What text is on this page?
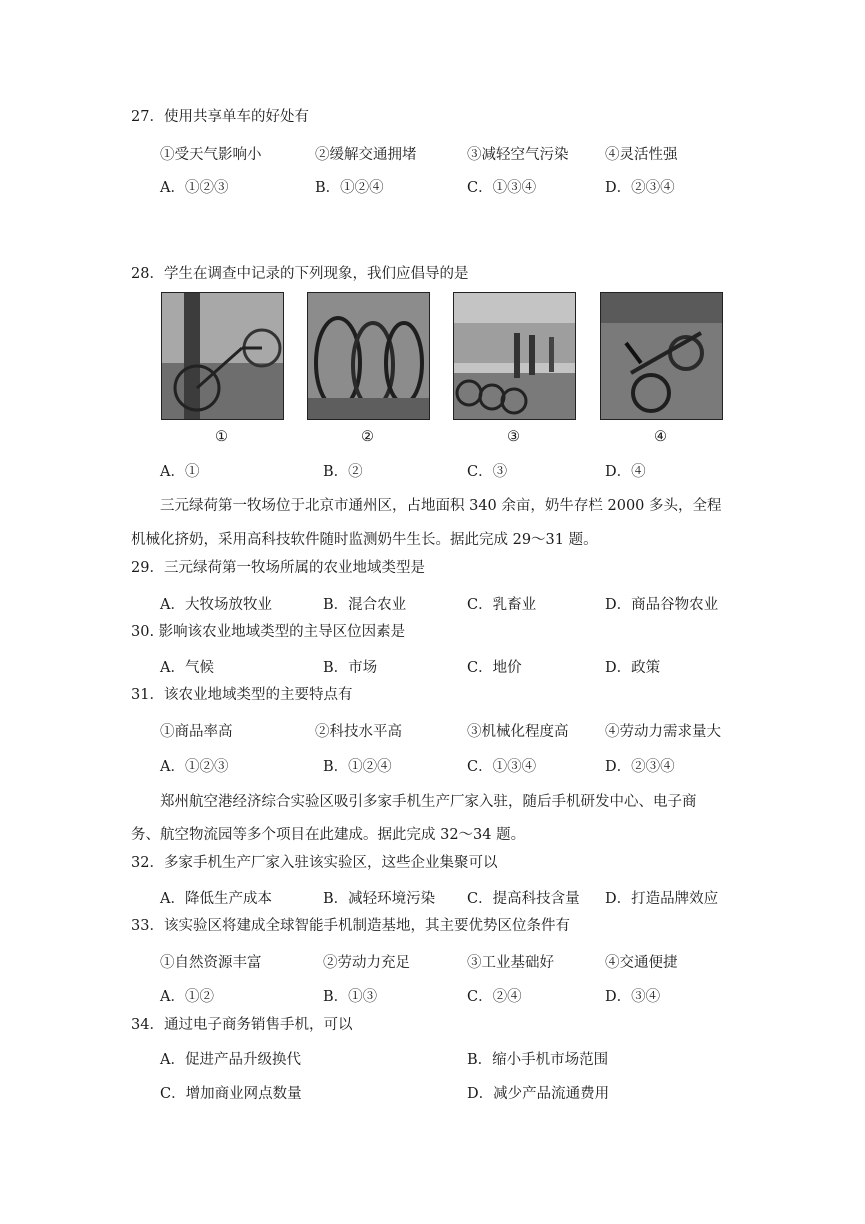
27．使用共享单车的好处有
①受天气影响小	②缓解交通拥堵	③减轻空气污染	④灵活性强
A．①②③	B．①②④	C．①③④	D．②③④
28．学生在调查中记录的下列现象，我们应倡导的是
①	②	③	④
A．①	B．②	C．③	D．④
三元绿荷第一牧场位于北京市通州区，占地面积 340 余亩，奶牛存栏 2000 多头，全程
机械化挤奶，采用高科技软件随时监测奶牛生长。据此完成 29～31 题。
29．三元绿荷第一牧场所属的农业地域类型是
A．大牧场放牧业	B．混合农业	C．乳畜业	D．商品谷物农业
30. 影响该农业地域类型的主导区位因素是
A．气候	B．市场	C．地价	D．政策
31．该农业地域类型的主要特点有
①商品率高	②科技水平高	③机械化程度高	④劳动力需求量大
A．①②③	B．①②④	C．①③④	D．②③④
郑州航空港经济综合实验区吸引多家手机生产厂家入驻，随后手机研发中心、电子商
务、航空物流园等多个项目在此建成。据此完成 32～34 题。
32．多家手机生产厂家入驻该实验区，这些企业集聚可以
A．降低生产成本	B．减轻环境污染 C．提高科技含量 D．打造品牌效应
33．该实验区将建成全球智能手机制造基地，其主要优势区位条件有
①自然资源丰富	②劳动力充足	③工业基础好	④交通便捷
A．①②	B．①③	C．②④	D．③④
34．通过电子商务销售手机，可以
A．促进产品升级换代	B．缩小手机市场范围
C．增加商业网点数量	D．减少产品流通费用
